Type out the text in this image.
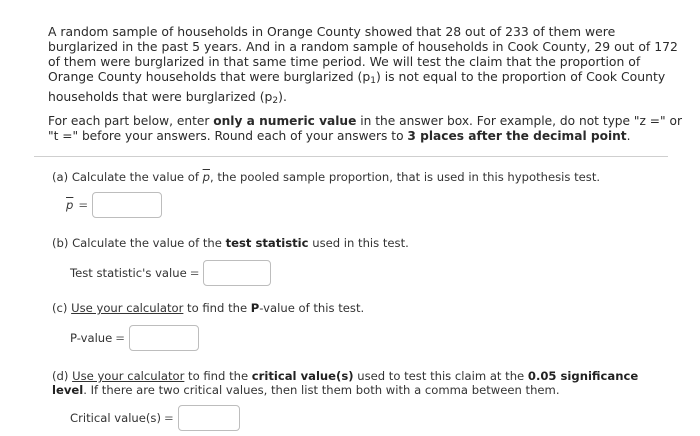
A random sample of households in Orange County showed that 28 out of 233 of them were burglarized in the past 5 years. And in a random sample of households in Cook County, 29 out of 172 of them were burglarized in that same time period. We will test the claim that the proportion of Orange County households that were burglarized $(p_1)$ is not equal to the proportion of Cook County households that were burglarized $(p_2)$.
For each part below, enter only a numeric value in the answer box. For example, do not type "z =" or "t =" before your answers. Round each of your answers to 3 places after the decimal point.
(a) Calculate the value of $\overline{p}$, the pooled sample proportion, that is used in this hypothesis test.
$\overline{p}$ =
(b) Calculate the value of the test statistic used in this test.
Test statistic's value =
(c) Use your calculator to find the P-value of this test.
P-value =
(d) Use your calculator to find the critical value(s) used to test this claim at the 0.05 significance level. If there are two critical values, then list them both with a comma between them.
Critical value(s) =
